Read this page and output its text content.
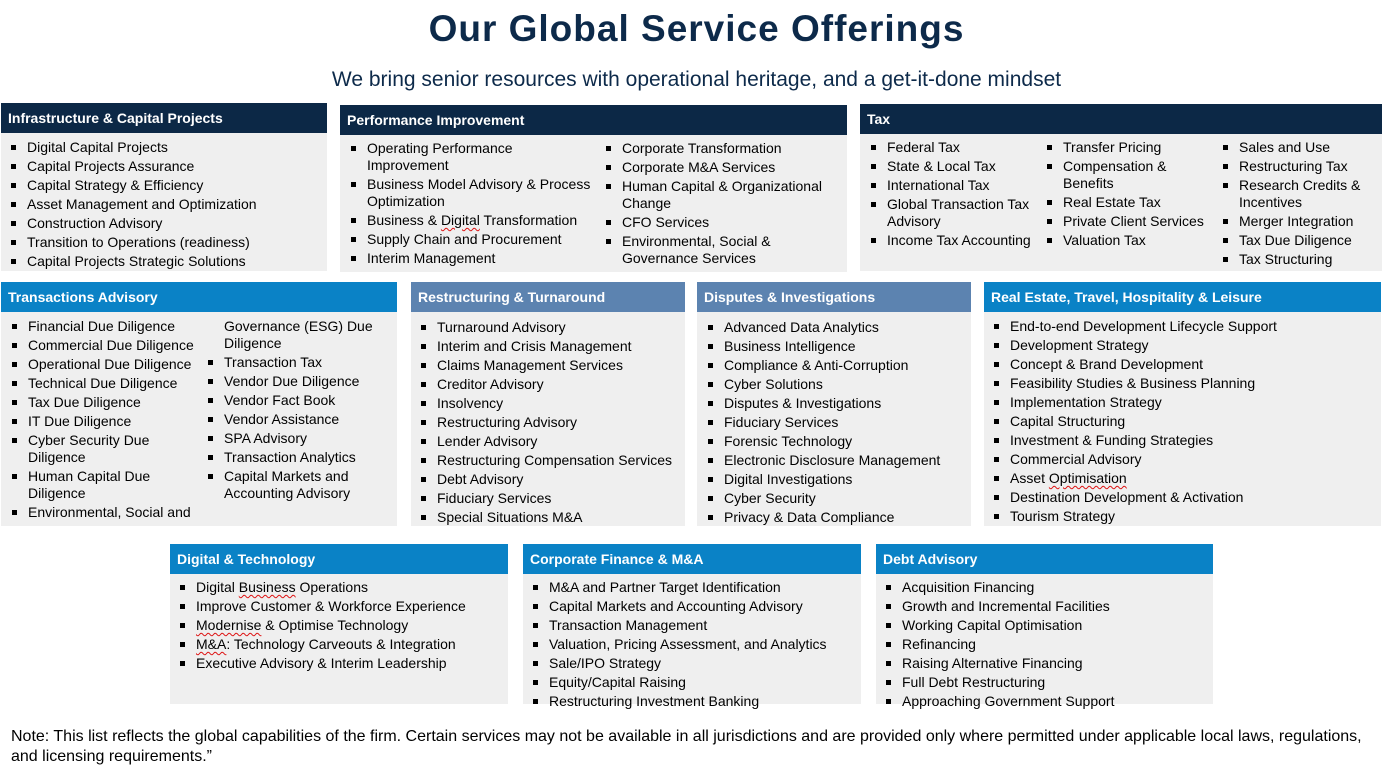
Our Global Service Offerings
We bring senior resources with operational heritage, and a get-it-done mindset
Infrastructure & Capital Projects
Digital Capital Projects
Capital Projects Assurance
Capital Strategy & Efficiency
Asset Management and Optimization
Construction Advisory
Transition to Operations (readiness)
Capital Projects Strategic Solutions
Performance Improvement
Operating Performance Improvement
Business Model Advisory & Process Optimization
Business & Digital Transformation
Supply Chain and Procurement
Interim Management
Corporate Transformation
Corporate M&A Services
Human Capital & Organizational Change
CFO Services
Environmental, Social & Governance Services
Tax
Federal Tax
State & Local Tax
International Tax
Global Transaction Tax Advisory
Income Tax Accounting
Transfer Pricing
Compensation & Benefits
Real Estate Tax
Private Client Services
Valuation Tax
Sales and Use
Restructuring Tax
Research Credits & Incentives
Merger Integration
Tax Due Diligence
Tax Structuring
Transactions Advisory
Financial Due Diligence
Commercial Due Diligence
Operational Due Diligence
Technical Due Diligence
Tax Due Diligence
IT Due Diligence
Cyber Security Due Diligence
Human Capital Due Diligence
Environmental, Social and
Governance (ESG) Due Diligence
Transaction Tax
Vendor Due Diligence
Vendor Fact Book
Vendor Assistance
SPA Advisory
Transaction Analytics
Capital Markets and Accounting Advisory
Restructuring & Turnaround
Turnaround Advisory
Interim and Crisis Management
Claims Management Services
Creditor Advisory
Insolvency
Restructuring Advisory
Lender Advisory
Restructuring Compensation Services
Debt Advisory
Fiduciary Services
Special Situations M&A
Disputes & Investigations
Advanced Data Analytics
Business Intelligence
Compliance & Anti-Corruption
Cyber Solutions
Disputes & Investigations
Fiduciary Services
Forensic Technology
Electronic Disclosure Management
Digital Investigations
Cyber Security
Privacy & Data Compliance
Real Estate, Travel, Hospitality & Leisure
End-to-end Development Lifecycle Support
Development Strategy
Concept & Brand Development
Feasibility Studies & Business Planning
Implementation Strategy
Capital Structuring
Investment & Funding Strategies
Commercial Advisory
Asset Optimisation
Destination Development & Activation
Tourism Strategy
Digital & Technology
Digital Business Operations
Improve Customer & Workforce Experience
Modernise & Optimise Technology
M&A: Technology Carveouts & Integration
Executive Advisory & Interim Leadership
Corporate Finance & M&A
M&A and Partner Target Identification
Capital Markets and Accounting Advisory
Transaction Management
Valuation, Pricing Assessment, and Analytics
Sale/IPO Strategy
Equity/Capital Raising
Restructuring Investment Banking
Debt Advisory
Acquisition Financing
Growth and Incremental Facilities
Working Capital Optimisation
Refinancing
Raising Alternative Financing
Full Debt Restructuring
Approaching Government Support
Note: This list reflects the global capabilities of the firm. Certain services may not be available in all jurisdictions and are provided only where permitted under applicable local laws, regulations, and licensing requirements.”
